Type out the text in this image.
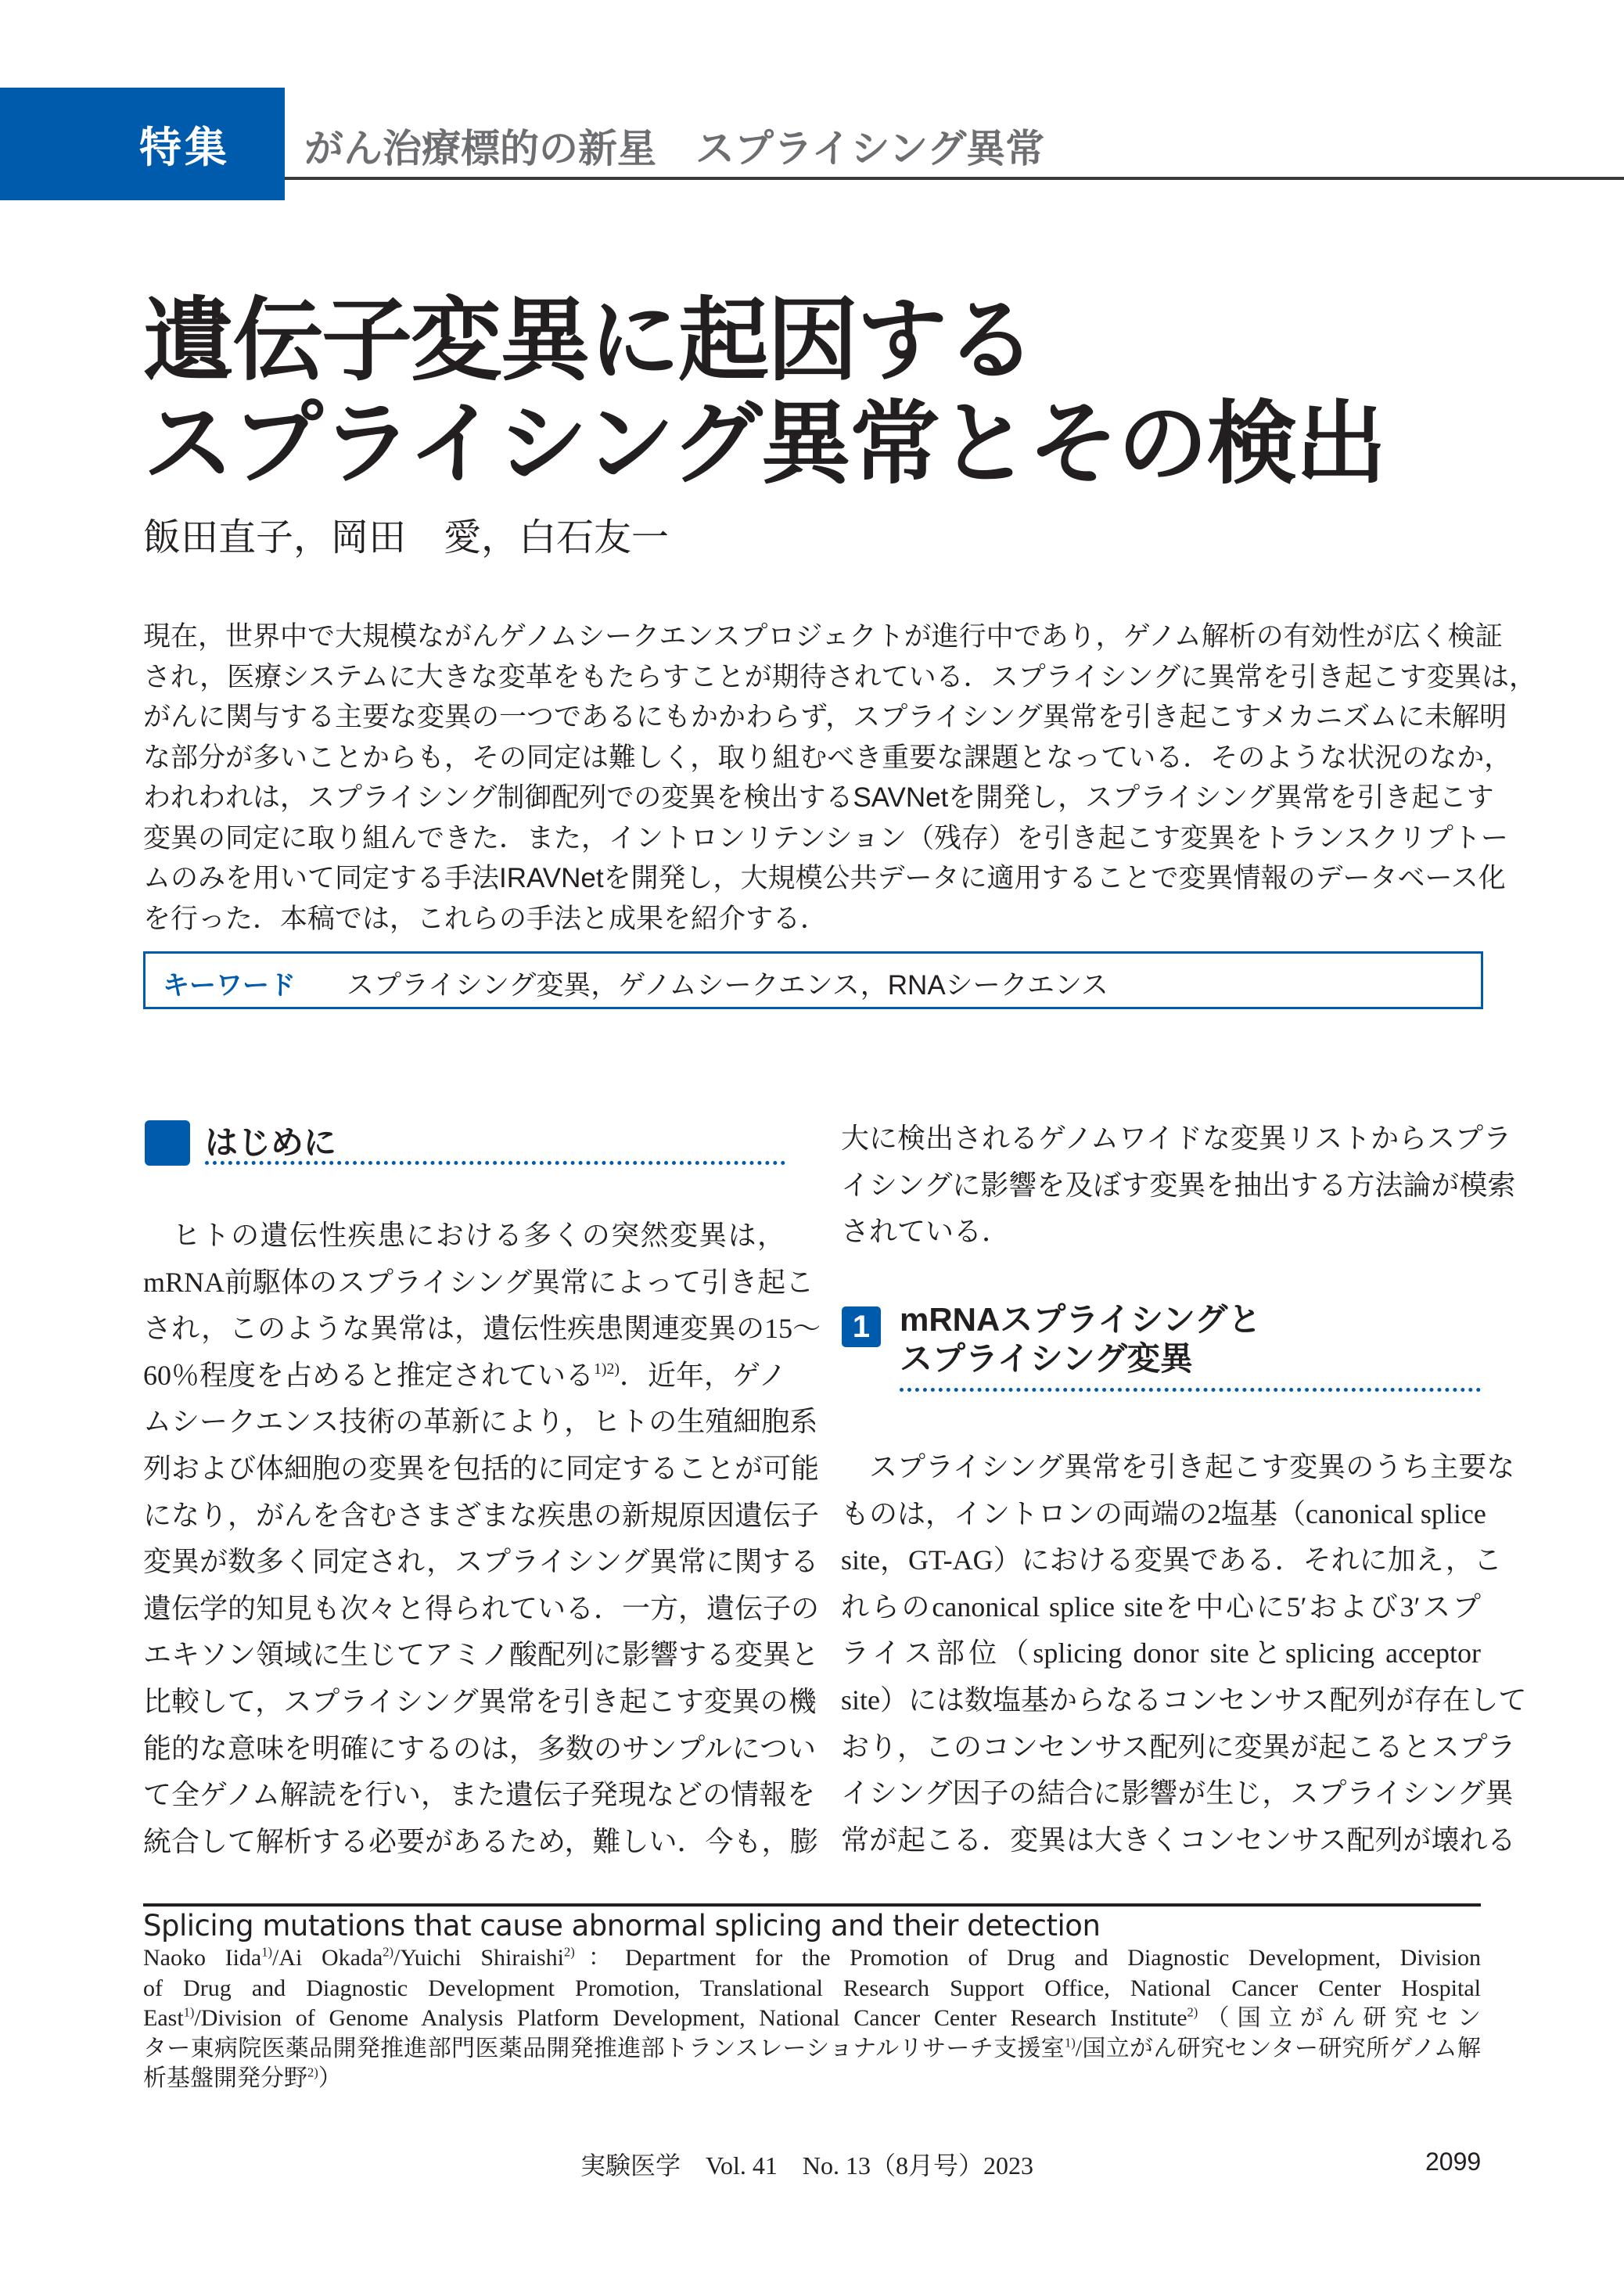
特集 がん治療標的の新星　スプライシング異常
遺伝子変異に起因する
スプライシング異常とその検出
飯田直子，岡田　愛，白石友一
現在，世界中で大規模ながんゲノムシークエンスプロジェクトが進行中であり，ゲノム解析の有効性が広く検証
され，医療システムに大きな変革をもたらすことが期待されている．スプライシングに異常を引き起こす変異は，
がんに関与する主要な変異の一つであるにもかかわらず，スプライシング異常を引き起こすメカニズムに未解明
な部分が多いことからも，その同定は難しく，取り組むべき重要な課題となっている．そのような状況のなか，
われわれは，スプライシング制御配列での変異を検出するSAVNetを開発し，スプライシング異常を引き起こす
変異の同定に取り組んできた．また，イントロンリテンション（残存）を引き起こす変異をトランスクリプトー
ムのみを用いて同定する手法IRAVNetを開発し，大規模公共データに適用することで変異情報のデータベース化
を行った．本稿では，これらの手法と成果を紹介する．
キーワード スプライシング変異，ゲノムシークエンス，RNAシークエンス
はじめに
　ヒトの遺伝性疾患における多くの突然変異は，
mRNA前駆体のスプライシング異常によって引き起こ
され，このような異常は，遺伝性疾患関連変異の15～
60％程度を占めると推定されている$^{1)2)}$．近年，ゲノ
ムシークエンス技術の革新により，ヒトの生殖細胞系
列および体細胞の変異を包括的に同定することが可能
になり，がんを含むさまざまな疾患の新規原因遺伝子
変異が数多く同定され，スプライシング異常に関する
遺伝学的知見も次々と得られている．一方，遺伝子の
エキソン領域に生じてアミノ酸配列に影響する変異と
比較して，スプライシング異常を引き起こす変異の機
能的な意味を明確にするのは，多数のサンプルについ
て全ゲノム解読を行い，また遺伝子発現などの情報を
統合して解析する必要があるため，難しい．今も，膨
大に検出されるゲノムワイドな変異リストからスプラ
イシングに影響を及ぼす変異を抽出する方法論が模索
されている．
1 mRNAスプライシングと
スプライシング変異
　スプライシング異常を引き起こす変異のうち主要な
ものは，イントロンの両端の2塩基（canonical splice
site，GT-AG）における変異である．それに加え，こ
れらのcanonical splice siteを中心に5′および3′スプ
ライス部位（splicing donor siteとsplicing acceptor
site）には数塩基からなるコンセンサス配列が存在して
おり，このコンセンサス配列に変異が起こるとスプラ
イシング因子の結合に影響が生じ，スプライシング異
常が起こる．変異は大きくコンセンサス配列が壊れる
Splicing mutations that cause abnormal splicing and their detection
Naoko Iida$^{1)}$/Ai Okada$^{2)}$/Yuichi Shiraishi$^{2)}$：Department for the Promotion of Drug and Diagnostic Development, Division
of Drug and Diagnostic Development Promotion, Translational Research Support Office, National Cancer Center Hospital
East$^{1)}$/Division of Genome Analysis Platform Development, National Cancer Center Research Institute$^{2)}$（国立がん研究セン
ター東病院医薬品開発推進部門医薬品開発推進部トランスレーショナルリサーチ支援室$^{1)}$/国立がん研究センター研究所ゲノム解
析基盤開発分野$^{2)}$）
実験医学　Vol. 41　No. 13（8月号）2023	2099
